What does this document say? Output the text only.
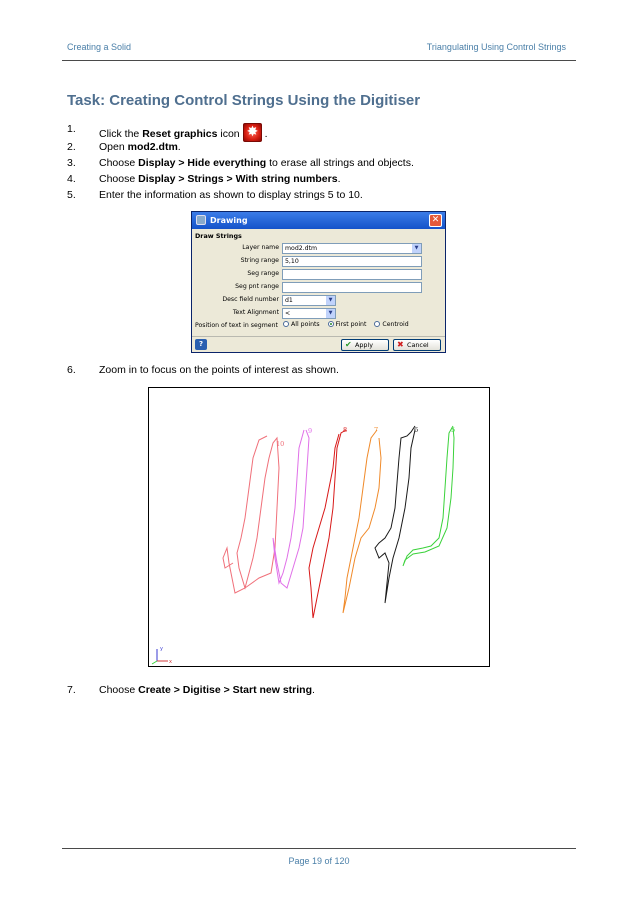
Creating a Solid	Triangulating Using Control Strings
Task: Creating Control Strings Using the Digitiser
1. Click the Reset graphics icon✸ .
2. Open mod2.dtm.
3. Choose Display > Hide everything to erase all strings and objects.
4. Choose Display > Strings > With string numbers.
5. Enter the information as shown to display strings 5 to 10.
Drawing	✕
Draw Strings
Layer name mod2.dtm	▼
String range 5,10
Seg range
Seg pnt range
Desc field number d1	▼
Text Alignment <	▼
Position of text in segment	All points	First point	Centroid
?	✔ Apply	✖ Cancel
6. Zoom in to focus on the points of interest as shown.
10
9	8	7	6	5
y
x
7. Choose Create > Digitise > Start new string.
Page 19 of 120
